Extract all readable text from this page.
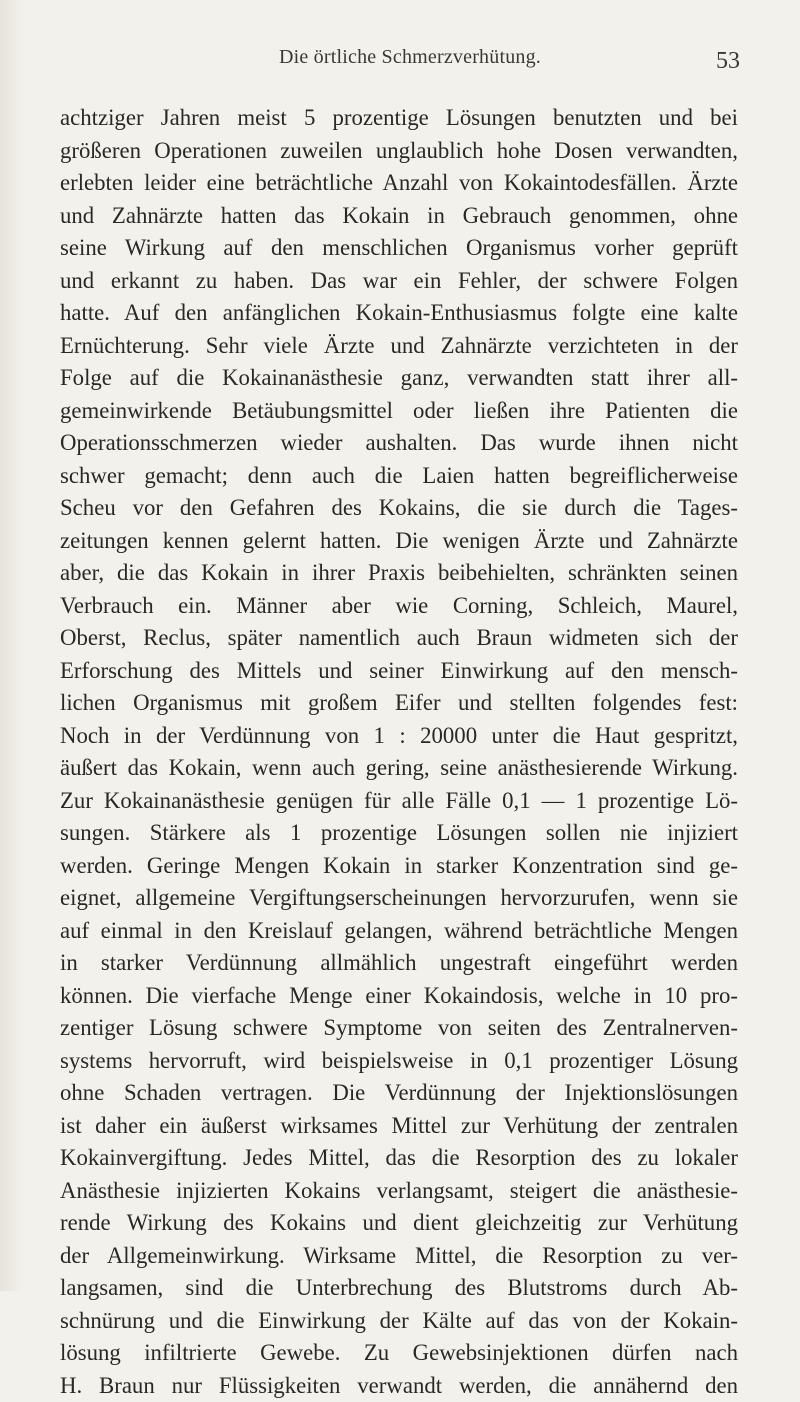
Die örtliche Schmerzverhütung.	53
achtziger Jahren meist 5 prozentige Lösungen benutzten und bei
größeren Operationen zuweilen unglaublich hohe Dosen verwandten,
erlebten leider eine beträchtliche Anzahl von Kokaintodesfällen. Ärzte
und Zahnärzte hatten das Kokain in Gebrauch genommen, ohne
seine Wirkung auf den menschlichen Organismus vorher geprüft
und erkannt zu haben. Das war ein Fehler, der schwere Folgen
hatte. Auf den anfänglichen Kokain-Enthusiasmus folgte eine kalte
Ernüchterung. Sehr viele Ärzte und Zahnärzte verzichteten in der
Folge auf die Kokainanästhesie ganz, verwandten statt ihrer all-
gemeinwirkende Betäubungsmittel oder ließen ihre Patienten die
Operationsschmerzen wieder aushalten. Das wurde ihnen nicht
schwer gemacht; denn auch die Laien hatten begreiflicherweise
Scheu vor den Gefahren des Kokains, die sie durch die Tages-
zeitungen kennen gelernt hatten. Die wenigen Ärzte und Zahnärzte
aber, die das Kokain in ihrer Praxis beibehielten, schränkten seinen
Verbrauch ein. Männer aber wie Corning, Schleich, Maurel,
Oberst, Reclus, später namentlich auch Braun widmeten sich der
Erforschung des Mittels und seiner Einwirkung auf den mensch-
lichen Organismus mit großem Eifer und stellten folgendes fest:
Noch in der Verdünnung von 1 : 20000 unter die Haut gespritzt,
äußert das Kokain, wenn auch gering, seine anästhesierende Wirkung.
Zur Kokainanästhesie genügen für alle Fälle 0,1 — 1 prozentige Lö-
sungen. Stärkere als 1 prozentige Lösungen sollen nie injiziert
werden. Geringe Mengen Kokain in starker Konzentration sind ge-
eignet, allgemeine Vergiftungserscheinungen hervorzurufen, wenn sie
auf einmal in den Kreislauf gelangen, während beträchtliche Mengen
in starker Verdünnung allmählich ungestraft eingeführt werden
können. Die vierfache Menge einer Kokaindosis, welche in 10 pro-
zentiger Lösung schwere Symptome von seiten des Zentralnerven-
systems hervorruft, wird beispielsweise in 0,1 prozentiger Lösung
ohne Schaden vertragen. Die Verdünnung der Injektionslösungen
ist daher ein äußerst wirksames Mittel zur Verhütung der zentralen
Kokainvergiftung. Jedes Mittel, das die Resorption des zu lokaler
Anästhesie injizierten Kokains verlangsamt, steigert die anästhesie-
rende Wirkung des Kokains und dient gleichzeitig zur Verhütung
der Allgemeinwirkung. Wirksame Mittel, die Resorption zu ver-
langsamen, sind die Unterbrechung des Blutstroms durch Ab-
schnürung und die Einwirkung der Kälte auf das von der Kokain-
lösung infiltrierte Gewebe. Zu Gewebsinjektionen dürfen nach
H. Braun nur Flüssigkeiten verwandt werden, die annähernd den
